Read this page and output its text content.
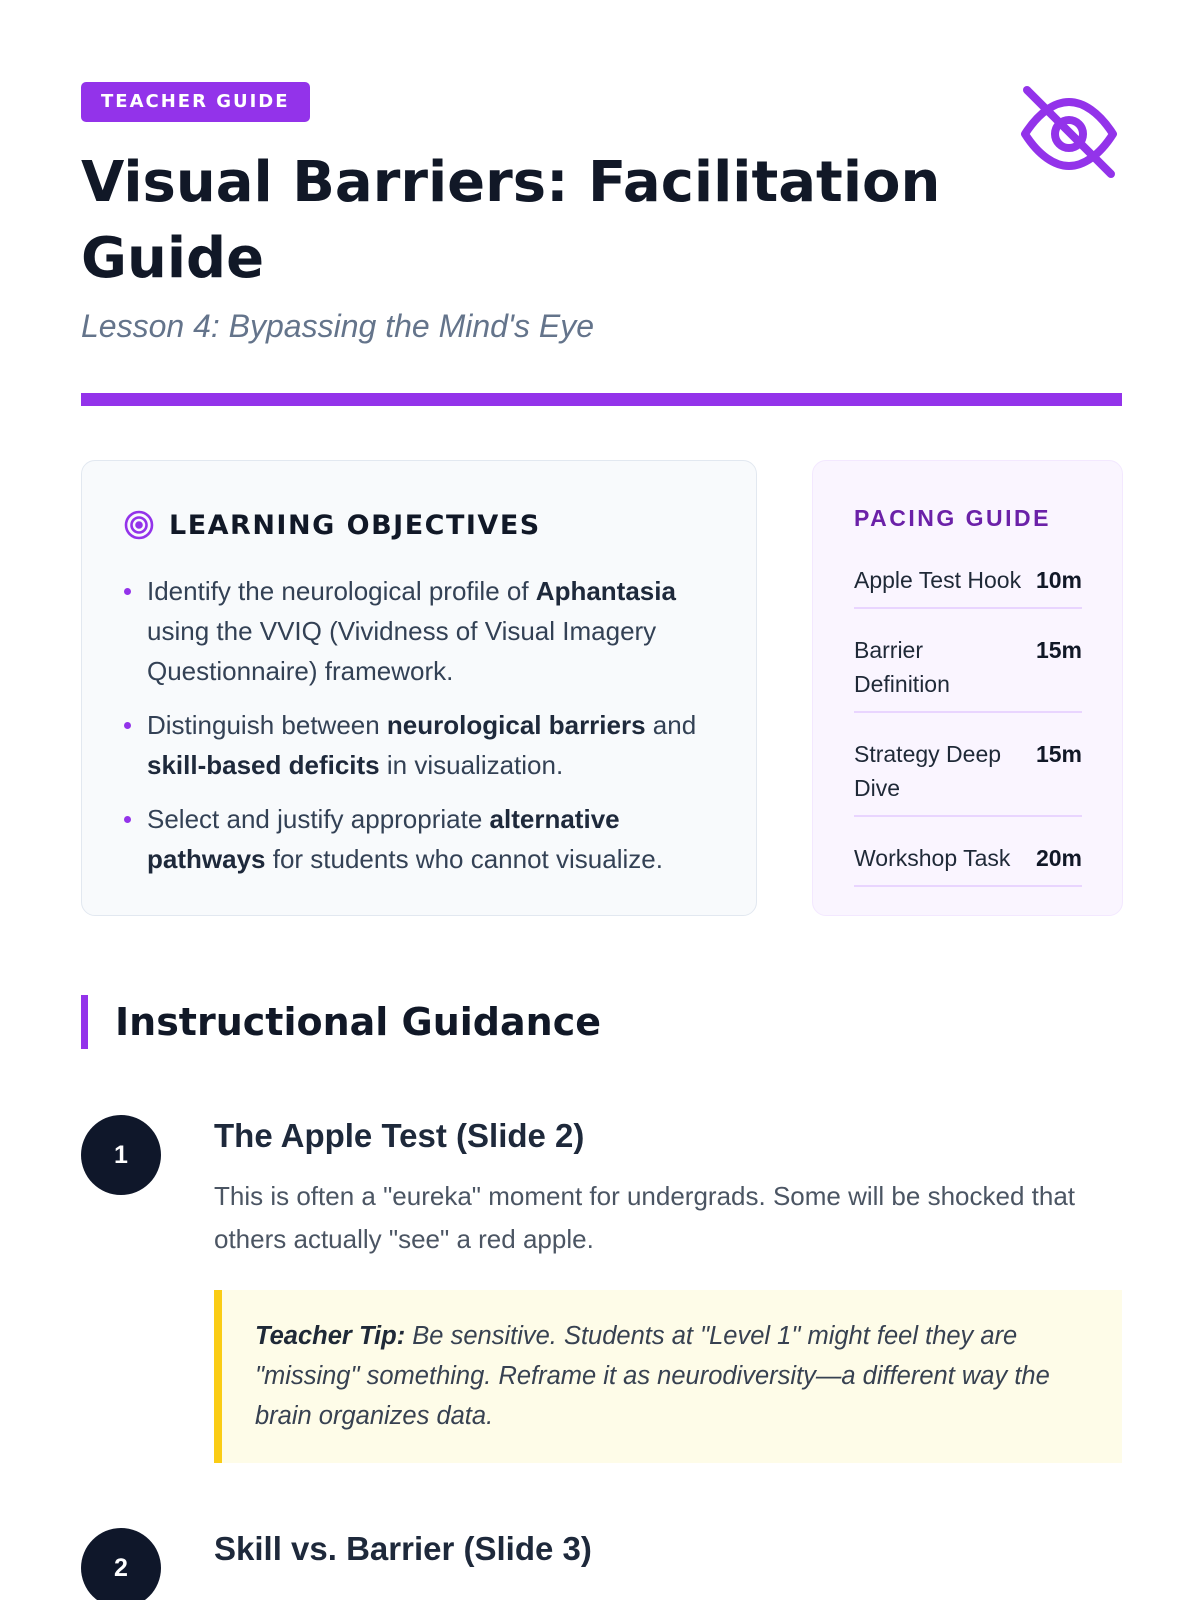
TEACHER GUIDE
Visual Barriers: Facilitation Guide
Lesson 4: Bypassing the Mind's Eye
LEARNING OBJECTIVES
Identify the neurological profile of Aphantasia using the VVIQ (Vividness of Visual Imagery Questionnaire) framework.
Distinguish between neurological barriers and skill-based deficits in visualization.
Select and justify appropriate alternative pathways for students who cannot visualize.
PACING GUIDE
Apple Test Hook 10m
Barrier Definition
15m
Strategy Deep Dive
15m
Workshop Task 20m
Instructional Guidance
1
The Apple Test (Slide 2)

This is often a "eureka" moment for undergrads. Some will be shocked that others actually "see" a red apple.

Teacher Tip: Be sensitive. Students at "Level 1" might feel they are "missing" something. Reframe it as neurodiversity—a different way the brain organizes data.
2
Skill vs. Barrier (Slide 3)
